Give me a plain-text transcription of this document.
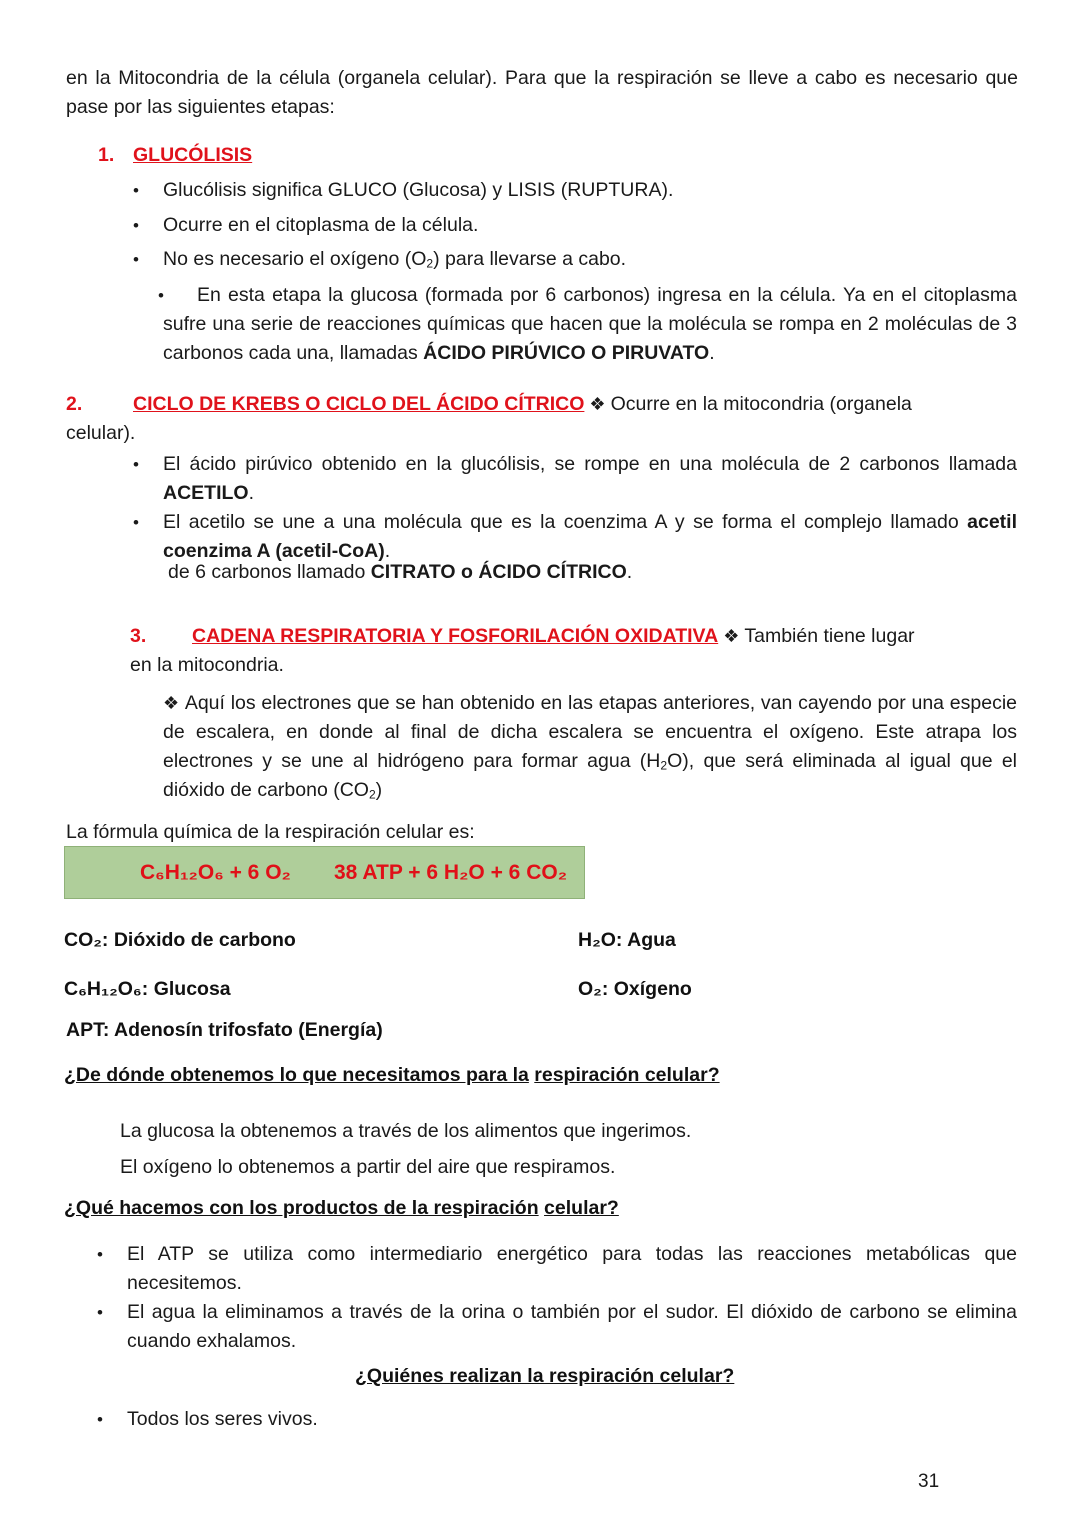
en la Mitocondria de la célula (organela celular). Para que la respiración se lleve a cabo es necesario que pase por las siguientes etapas:
1. GLUCÓLISIS
• Glucólisis significa GLUCO (Glucosa) y LISIS (RUPTURA).
• Ocurre en el citoplasma de la célula.
• No es necesario el oxígeno $(O_2)$ para llevarse a cabo.
•	En esta etapa la glucosa (formada por 6 carbonos) ingresa en la célula. Ya en el citoplasma sufre una serie de reacciones químicas que hacen que la molécula se rompa en 2 moléculas de 3 carbonos cada una, llamadas ÁCIDO PIRÚVICO O PIRUVATO.
2.	CICLO DE KREBS O CICLO DEL ÁCIDO CÍTRICO ❖ Ocurre en la mitocondria (organela
celular).
• El ácido pirúvico obtenido en la glucólisis, se rompe en una molécula de 2 carbonos llamada ACETILO.
• El acetilo se une a una molécula que es la coenzima A y se forma el complejo llamado acetil coenzima A (acetil-CoA).
de 6 carbonos llamado CITRATO o ÁCIDO CÍTRICO.
3.	CADENA RESPIRATORIA Y FOSFORILACIÓN OXIDATIVA ❖ También tiene lugar
en la mitocondria.
❖ Aquí los electrones que se han obtenido en las etapas anteriores, van cayendo por una especie de escalera, en donde al final de dicha escalera se encuentra el oxígeno. Este atrapa los electrones y se une al hidrógeno para formar agua $(H_2O)$, que será eliminada al igual que el dióxido de carbono $(CO_2)$
La fórmula química de la respiración celular es:
C₆H₁₂O₆ + 6 O₂ 38 ATP + 6 H₂O + 6 CO₂
CO₂: Dióxido de carbono	H₂O: Agua
C₆H₁₂O₆: Glucosa	O₂: Oxígeno
APT: Adenosín trifosfato (Energía)
¿De dónde obtenemos lo que necesitamos para la respiración celular?
La glucosa la obtenemos a través de los alimentos que ingerimos.
El oxígeno lo obtenemos a partir del aire que respiramos.
¿Qué hacemos con los productos de la respiración celular?
• El ATP se utiliza como intermediario energético para todas las reacciones metabólicas que necesitemos.
• El agua la eliminamos a través de la orina o también por el sudor. El dióxido de carbono se elimina cuando exhalamos.
¿Quiénes realizan la respiración celular?
• Todos los seres vivos.
31
